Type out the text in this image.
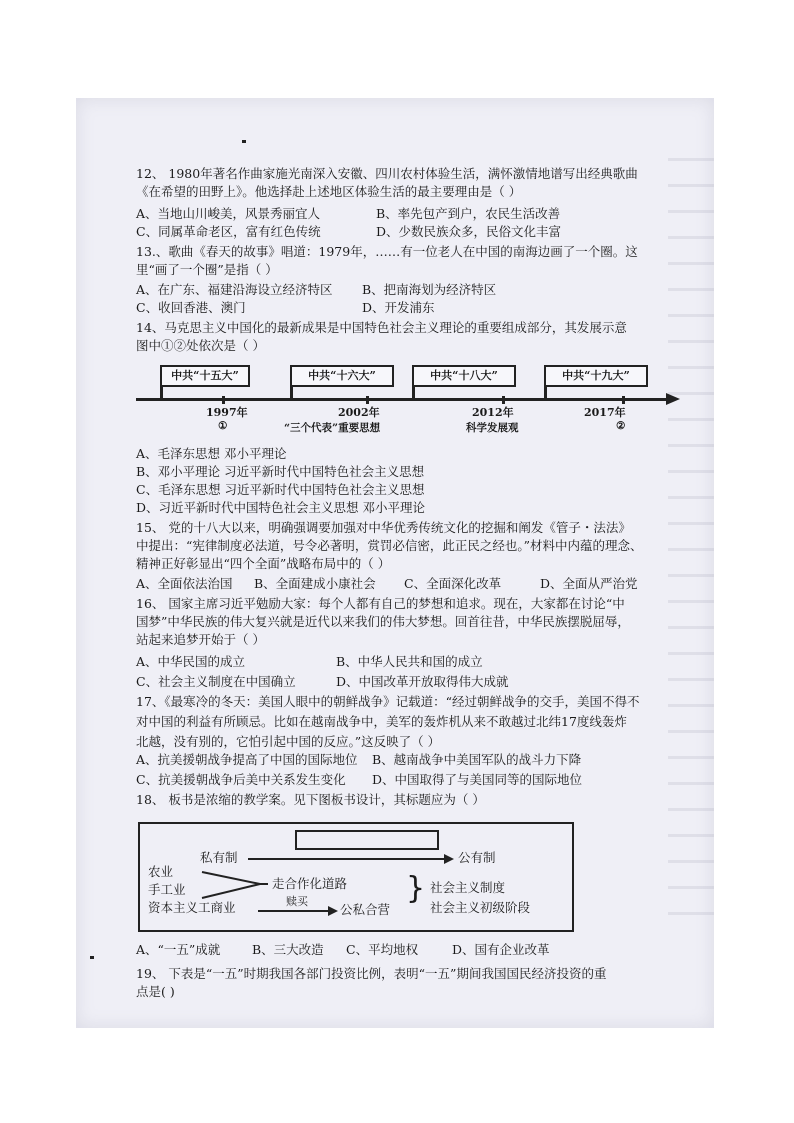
12、 1980年著名作曲家施光南深入安徽、四川农村体验生活，满怀激情地谱写出经典歌曲
《在希望的田野上》。他选择赴上述地区体验生活的最主要理由是（ ）
A、当地山川峻美，风景秀丽宜人	B、率先包产到户，农民生活改善
C、同属革命老区，富有红色传统	D、少数民族众多，民俗文化丰富
13.、歌曲《春天的故事》唱道：1979年，……有一位老人在中国的南海边画了一个圈。这
里“画了一个圈”是指（ ）
A、在广东、福建沿海设立经济特区 B、把南海划为经济特区
C、收回香港、澳门	D、开发浦东
14、马克思主义中国化的最新成果是中国特色社会主义理论的重要组成部分，其发展示意
图中①②处依次是（ ）
A、毛泽东思想 邓小平理论
B、邓小平理论 习近平新时代中国特色社会主义思想
C、毛泽东思想 习近平新时代中国特色社会主义思想
D、习近平新时代中国特色社会主义思想 邓小平理论
15、 党的十八大以来，明确强调要加强对中华优秀传统文化的挖掘和阐发《管子・法法》
中提出：“宪律制度必法道，号令必著明，赏罚必信密，此正民之经也。”材料中内蕴的理念、
精神正好彰显出“四个全面”战略布局中的（ ）
A、全面依法治国 B、全面建成小康社会 C、全面深化改革	D、全面从严治党
16、 国家主席习近平勉励大家：每个人都有自己的梦想和追求。现在，大家都在讨论“中
国梦”中华民族的伟大复兴就是近代以来我们的伟大梦想。回首往昔，中华民族摆脱屈辱，
站起来追梦开始于（ ）
A、中华民国的成立	B、中华人民共和国的成立
C、社会主义制度在中国确立	D、中国改革开放取得伟大成就
17、《最寒冷的冬天：美国人眼中的朝鲜战争》记载道：“经过朝鲜战争的交手，美国不得不
对中国的利益有所顾忌。比如在越南战争中，美军的轰炸机从来不敢越过北纬17度线轰炸
北越，没有别的，它怕引起中国的反应。”这反映了（ ）
A、抗美援朝战争提高了中国的国际地位 B、越南战争中美国军队的战斗力下降
C、抗美援朝战争后美中关系发生变化 D、中国取得了与美国同等的国际地位
18、 板书是浓缩的教学案。见下图板书设计，其标题应为（ ）
A、“一五”成就	B、三大改造 C、平均地权	D、国有企业改革
19、 下表是“一五”时期我国各部门投资比例，表明“一五”期间我国国民经济投资的重
点是( )
中共“十五大”	中共“十六大”	中共“十八大”	中共“十九大”
1997年	2002年	2012年	2017年
①	“三个代表”重要思想	科学发展观	②
私有制	公有制
农业
手工业
资本主义工商业
走合作化道路
赎买
公私合营
} 社会主义制度
社会主义初级阶段
